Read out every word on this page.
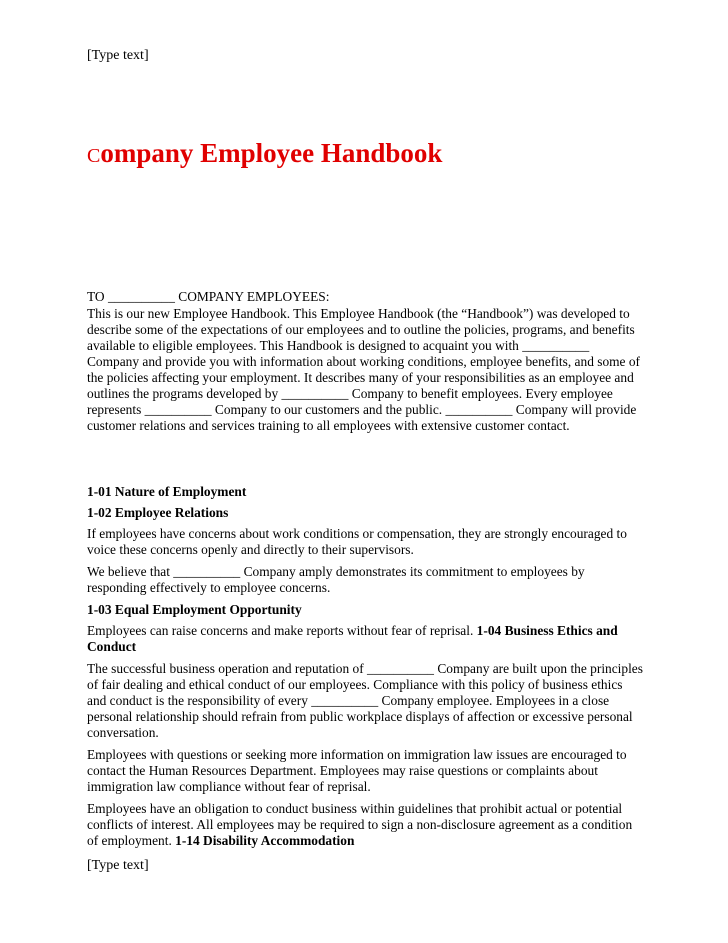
[Type text]
Company Employee Handbook
TO __________ COMPANY EMPLOYEES:
This is our new Employee Handbook. This Employee Handbook (the “Handbook”) was developed to describe some of the expectations of our employees and to outline the policies, programs, and benefits available to eligible employees. This Handbook is designed to acquaint you with __________ Company and provide you with information about working conditions, employee benefits, and some of the policies affecting your employment. It describes many of your responsibilities as an employee and outlines the programs developed by __________ Company to benefit employees. Every employee represents __________ Company to our customers and the public. __________ Company will provide customer relations and services training to all employees with extensive customer contact.
1-01 Nature of Employment
1-02 Employee Relations

If employees have concerns about work conditions or compensation, they are strongly encouraged to voice these concerns openly and directly to their supervisors.

We believe that __________ Company amply demonstrates its commitment to employees by responding effectively to employee concerns.

1-03 Equal Employment Opportunity

Employees can raise concerns and make reports without fear of reprisal. 1-04 Business Ethics and Conduct

The successful business operation and reputation of __________ Company are built upon the principles of fair dealing and ethical conduct of our employees. Compliance with this policy of business ethics and conduct is the responsibility of every __________ Company employee. Employees in a close personal relationship should refrain from public workplace displays of affection or excessive personal conversation.

Employees with questions or seeking more information on immigration law issues are encouraged to contact the Human Resources Department. Employees may raise questions or complaints about immigration law compliance without fear of reprisal.

Employees have an obligation to conduct business within guidelines that prohibit actual or potential conflicts of interest. All employees may be required to sign a non-disclosure agreement as a condition of employment. 1-14 Disability Accommodation

[Type text]
